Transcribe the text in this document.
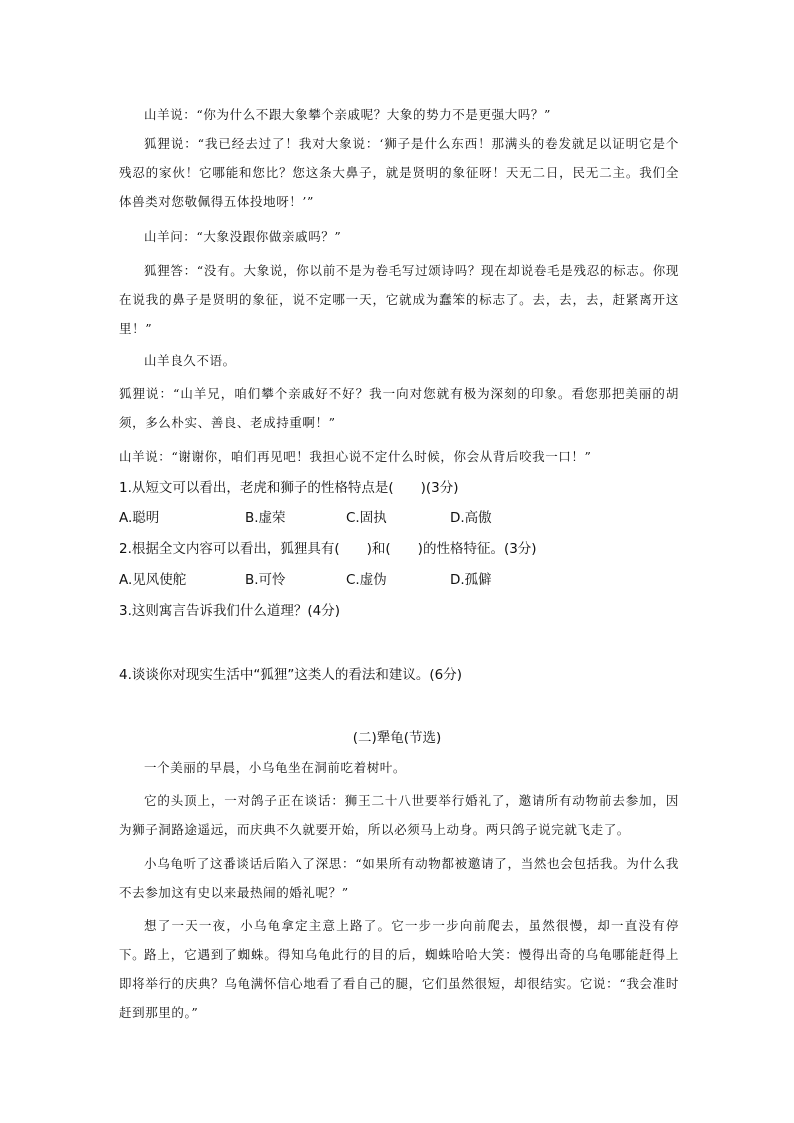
山羊说：“你为什么不跟大象攀个亲戚呢？大象的势力不是更强大吗？”

狐狸说：“我已经去过了！我对大象说：‘狮子是什么东西！那满头的卷发就足以证明它是个残忍的家伙！它哪能和您比？您这条大鼻子，就是贤明的象征呀！天无二日，民无二主。我们全体兽类对您敬佩得五体投地呀！’”

山羊问：“大象没跟你做亲戚吗？”

狐狸答：“没有。大象说，你以前不是为卷毛写过颂诗吗？现在却说卷毛是残忍的标志。你现在说我的鼻子是贤明的象征，说不定哪一天，它就成为蠢笨的标志了。去，去，去，赶紧离开这里！”

山羊良久不语。

狐狸说：“山羊兄，咱们攀个亲戚好不好？我一向对您就有极为深刻的印象。看您那把美丽的胡须，多么朴实、善良、老成持重啊！”

山羊说：“谢谢你，咱们再见吧！我担心说不定什么时候，你会从背后咬我一口！”

1.从短文可以看出，老虎和狮子的性格特点是(　　)(3分)

A.聪明	B.虚荣	C.固执	D.高傲

2.根据全文内容可以看出，狐狸具有(　　)和(　　)的性格特征。(3分)

A.见风使舵	B.可怜	C.虚伪	D.孤僻

3.这则寓言告诉我们什么道理？(4分)

4.谈谈你对现实生活中“狐狸”这类人的看法和建议。(6分)

(二)犟龟(节选)

一个美丽的早晨，小乌龟坐在洞前吃着树叶。

它的头顶上，一对鸽子正在谈话：狮王二十八世要举行婚礼了，邀请所有动物前去参加，因为狮子洞路途遥远，而庆典不久就要开始，所以必须马上动身。两只鸽子说完就飞走了。

小乌龟听了这番谈话后陷入了深思：“如果所有动物都被邀请了，当然也会包括我。为什么我不去参加这有史以来最热闹的婚礼呢？”

想了一天一夜，小乌龟拿定主意上路了。它一步一步向前爬去，虽然很慢，却一直没有停下。

路上，它遇到了蜘蛛。得知乌龟此行的目的后，蜘蛛哈哈大笑：慢得出奇的乌龟哪能赶得上即将举行的庆典？乌龟满怀信心地看了看自己的腿，它们虽然很短，却很结实。它说：“我会准时赶到那里的。”
